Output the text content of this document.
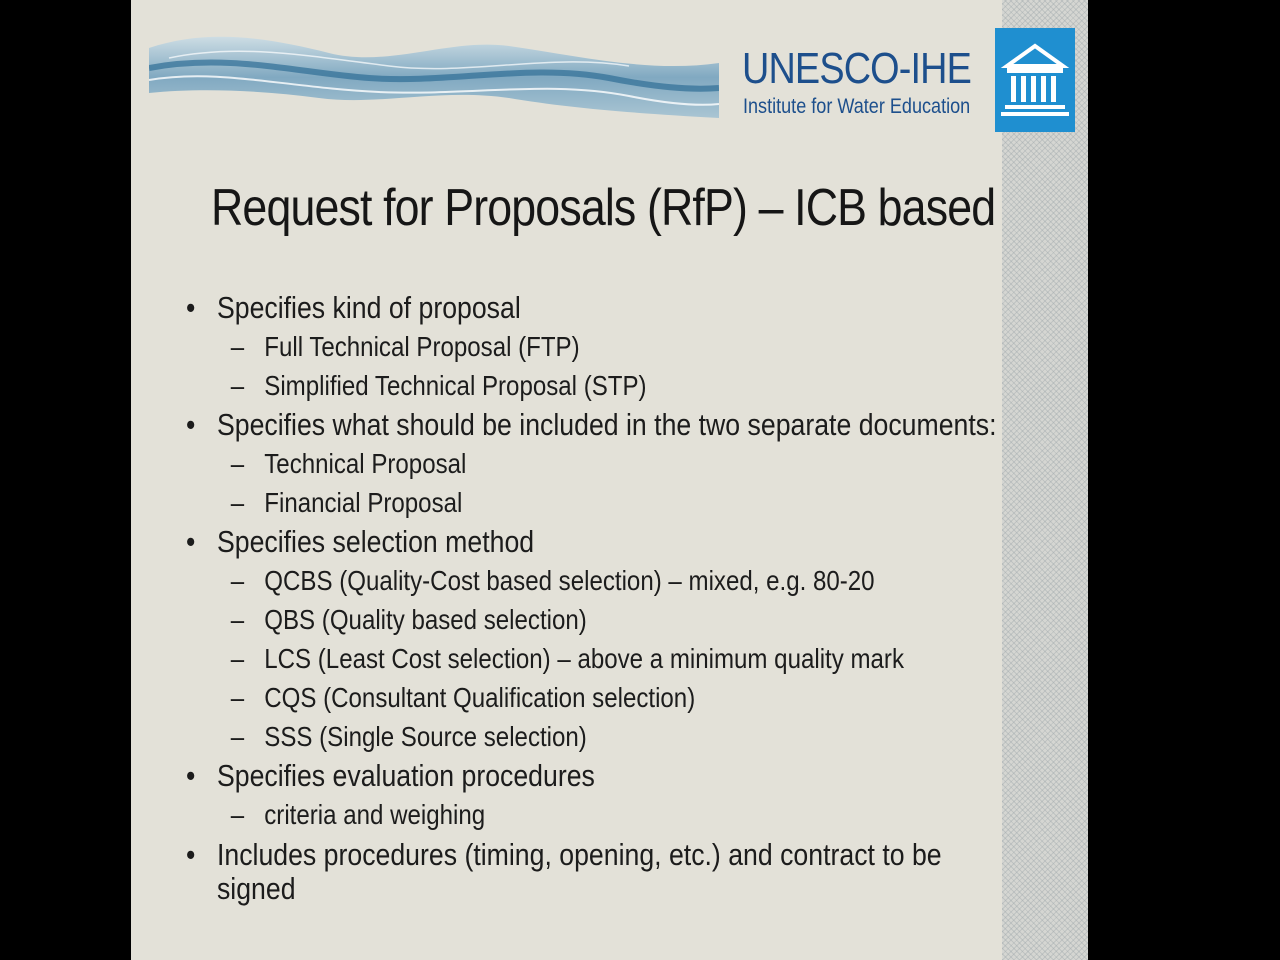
UNESCO-IHE
Institute for Water Education
Request for Proposals (RfP) – ICB based
• Specifies kind of proposal
– Full Technical Proposal (FTP)
– Simplified Technical Proposal (STP)
• Specifies what should be included in the two separate documents:
– Technical Proposal
– Financial Proposal
• Specifies selection method
– QCBS (Quality-Cost based selection) – mixed, e.g. 80-20
– QBS (Quality based selection)
– LCS (Least Cost selection) – above a minimum quality mark
– CQS (Consultant Qualification selection)
– SSS (Single Source selection)
• Specifies evaluation procedures
– criteria and weighing
• Includes procedures (timing, opening, etc.) and contract to be signed
